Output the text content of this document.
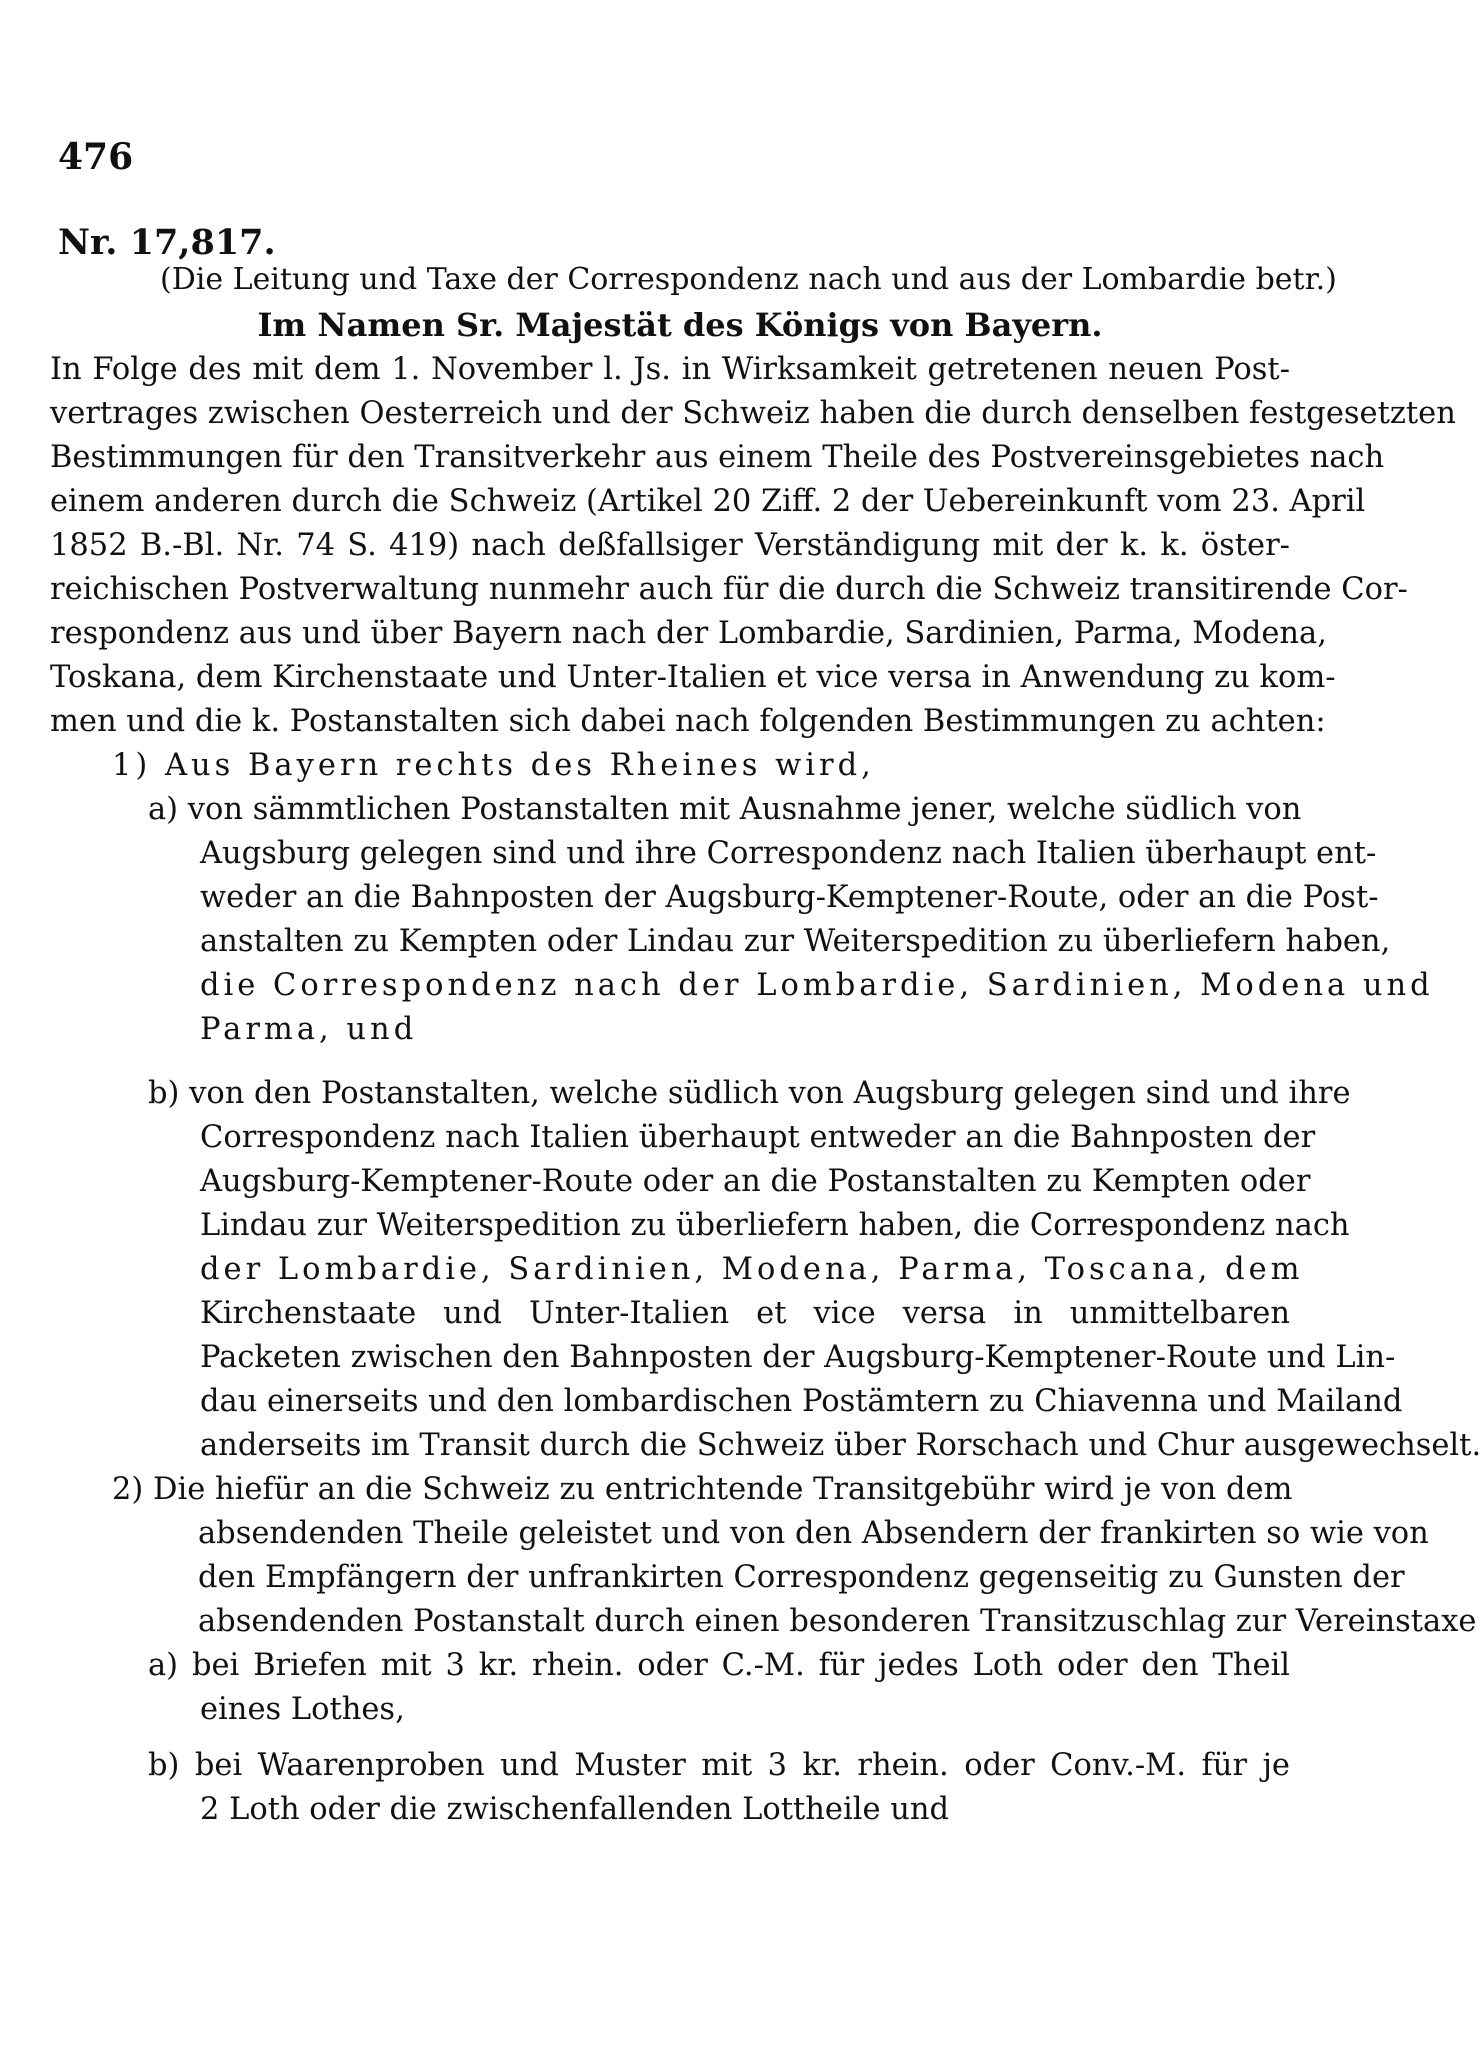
476
Nr. 17,817.
(Die Leitung und Taxe der Correspondenz nach und aus der Lombardie betr.)
Im Namen Sr. Majestät des Königs von Bayern.
In Folge des mit dem 1. November l. Js. in Wirksamkeit getretenen neuen Post-
vertrages zwischen Oesterreich und der Schweiz haben die durch denselben festgesetzten
Bestimmungen für den Transitverkehr aus einem Theile des Postvereinsgebietes nach
einem anderen durch die Schweiz (Artikel 20 Ziff. 2 der Uebereinkunft vom 23. April
1852 B.-Bl. Nr. 74 S. 419) nach deßfallsiger Verständigung mit der k. k. öster-
reichischen Postverwaltung nunmehr auch für die durch die Schweiz transitirende Cor-
respondenz aus und über Bayern nach der Lombardie, Sardinien, Parma, Modena,
Toskana, dem Kirchenstaate und Unter-Italien et vice versa in Anwendung zu kom-
men und die k. Postanstalten sich dabei nach folgenden Bestimmungen zu achten:
1) Aus Bayern rechts des Rheines wird,
a) von sämmtlichen Postanstalten mit Ausnahme jener, welche südlich von
Augsburg gelegen sind und ihre Correspondenz nach Italien überhaupt ent-
weder an die Bahnposten der Augsburg-Kemptener-Route, oder an die Post-
anstalten zu Kempten oder Lindau zur Weiterspedition zu überliefern haben,
die Correspondenz nach der Lombardie, Sardinien, Modena und
Parma, und
b) von den Postanstalten, welche südlich von Augsburg gelegen sind und ihre
Correspondenz nach Italien überhaupt entweder an die Bahnposten der
Augsburg-Kemptener-Route oder an die Postanstalten zu Kempten oder
Lindau zur Weiterspedition zu überliefern haben, die Correspondenz nach
der Lombardie, Sardinien, Modena, Parma, Toscana, dem
Kirchenstaate und Unter-Italien et vice versa in unmittelbaren
Packeten zwischen den Bahnposten der Augsburg-Kemptener-Route und Lin-
dau einerseits und den lombardischen Postämtern zu Chiavenna und Mailand
anderseits im Transit durch die Schweiz über Rorschach und Chur ausgewechselt.
2) Die hiefür an die Schweiz zu entrichtende Transitgebühr wird je von dem
absendenden Theile geleistet und von den Absendern der frankirten so wie von
den Empfängern der unfrankirten Correspondenz gegenseitig zu Gunsten der
absendenden Postanstalt durch einen besonderen Transitzuschlag zur Vereinstaxe
a) bei Briefen mit 3 kr. rhein. oder C.-M. für jedes Loth oder den Theil
eines Lothes,
b) bei Waarenproben und Muster mit 3 kr. rhein. oder Conv.-M. für je
2 Loth oder die zwischenfallenden Lottheile und
